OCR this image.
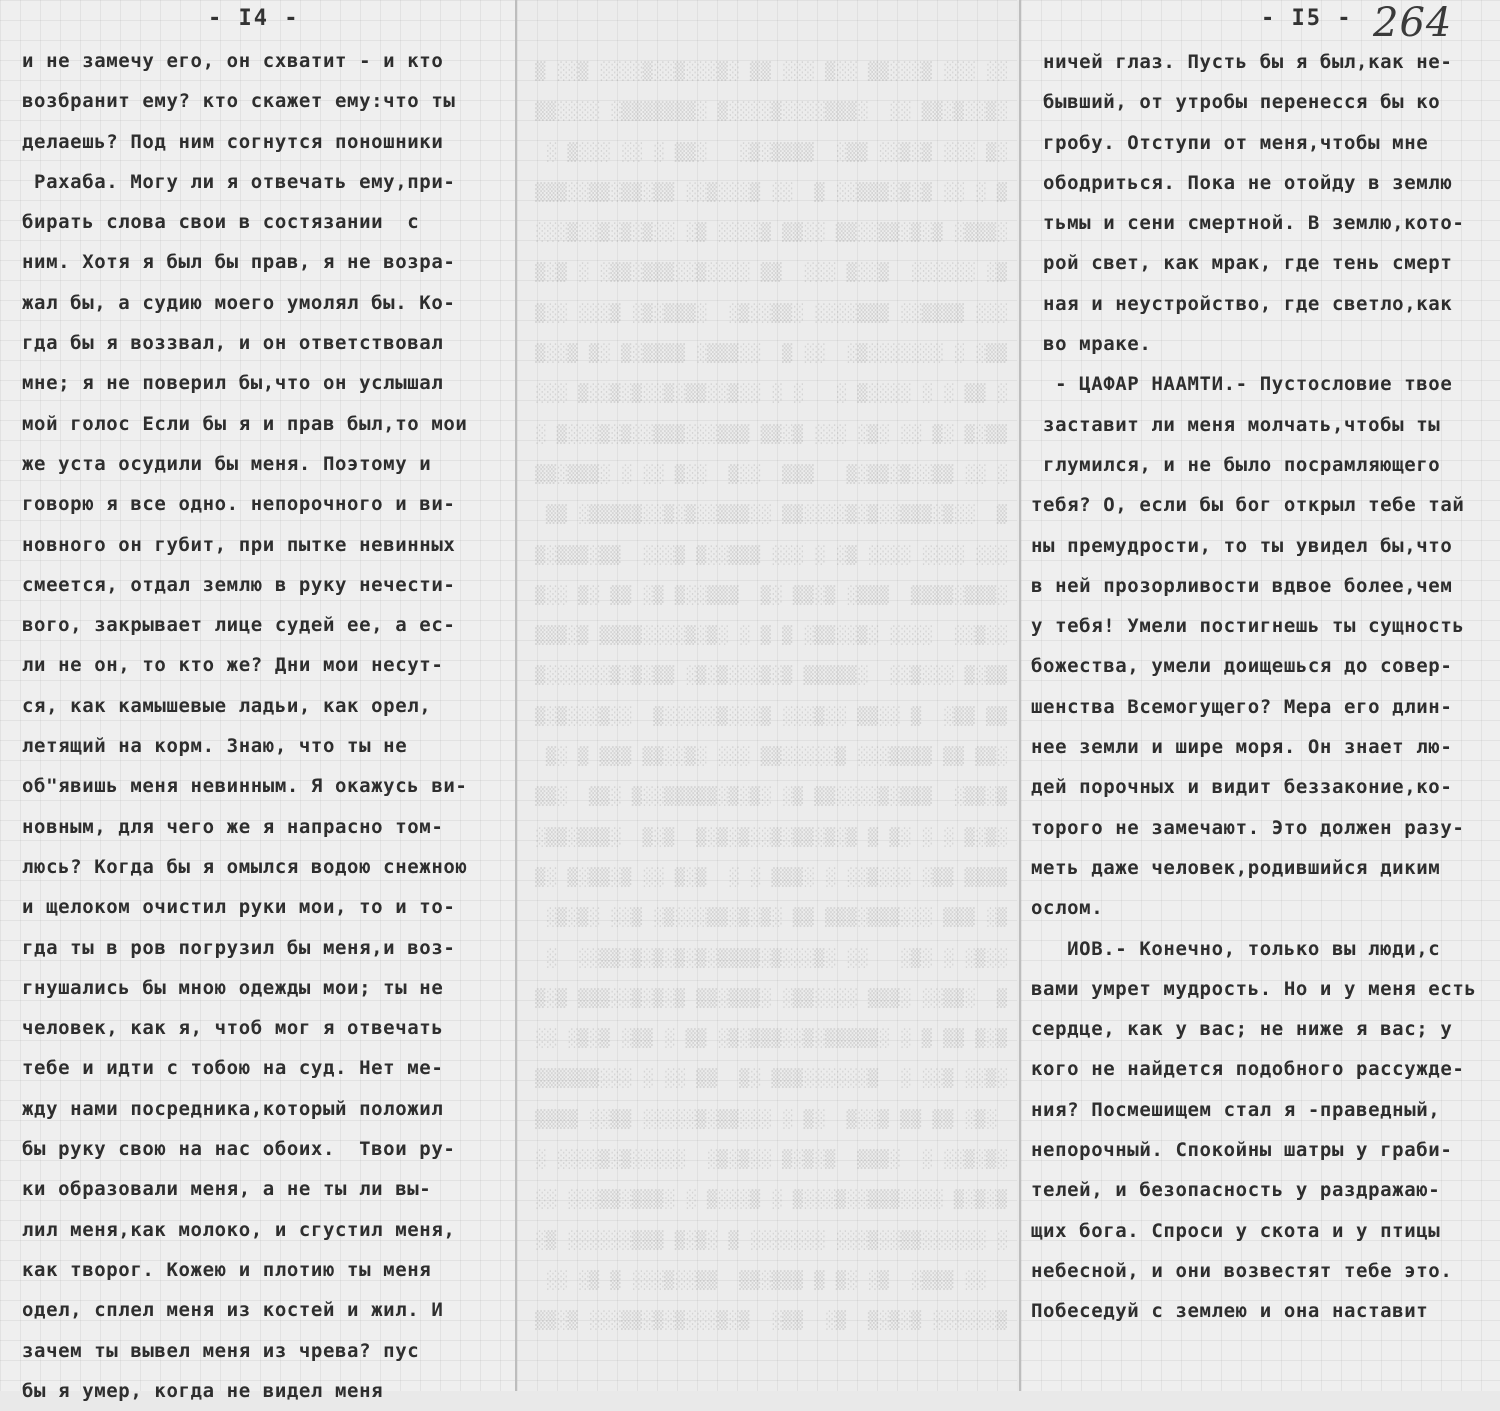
- I4 -
и не замечу его, он схватит - и кто
возбранит ему? кто скажет ему:что ты
делаешь? Под ним согнутся поношники
Рахаба. Могу ли я отвечать ему,при-
бирать слова свои в состязании  с
ним. Хотя я был бы прав, я не возра-
жал бы, а судию моего умолял бы. Ко-
гда бы я воззвал, и он ответствовал
мне; я не поверил бы,что он услышал
мой голос Если бы я и прав был,то мои
же уста осудили бы меня. Поэтому и
говорю я все одно. непорочного и ви-
новного он губит, при пытке невинных
смеется, отдал землю в руку нечести-
вого, закрывает лице судей ее, а ес-
ли не он, то кто же? Дни мои несут-
ся, как камышевые ладьи, как орел,
летящий на корм. Знаю, что ты не
об"явишь меня невинным. Я окажусь ви-
новным, для чего же я напрасно том-
люсь? Когда бы я омылся водою снежною
и щелоком очистил руки мои, то и то-
гда ты в ров погрузил бы меня,и воз-
гнушались бы мною одежды мои; ты не
человек, как я, чтоб мог я отвечать
тебе и идти с тобою на суд. Нет ме-
жду нами посредника,который положил
бы руку свою на нас обоих.  Твои ру-
ки образовали меня, а не ты ли вы-
лил меня,как молоко, и сгустил меня,
как творог. Кожею и плотию ты меня
одел, сплел меня из костей и жил. И
зачем ты вывел меня из чрева? пус
бы я умер, когда не видел меня
░░ ░░░ ▒░░░▒▒ ░░▒ ░░░ ▒▒ ░▒░░░▒░░▒░░░░ ▒░░ ▒
░▒░░▒░▒▒ ░░  ░▒▒▒░░░░▒░░░░▒ ░▒▒▒▒▒▒▒░ ░░░░▒▒
░▒ ░░░ ▒░▒░░ ▒▒░  ▒▒▒▒░▒░   ░▒▒ ░ ░░ ░░░▒ ░
▒ ░ ░░ ▒░▒░▒▒▒░░ ▒  ░░ ▒░░░▒░░ ▒▒░▒▒░▒▒░░▒▒▒
░▒▒▒░ ▒░▒░▒▒░░▒▒ ░░▒▒ ▒░░░░ ▒░ ░░▒░▒░▒░░▒░░░
▒░ ░░░░░░  ▒░░▒ ░░░  ▒▒ ░░░░▒░░▒▒▒░▒▒░ ░ ▒░▒
░░░ ▒▒▒▒░░ ▒▒▒░░░░ ░▒▒░░▒░  ░▒▒▒░▒░ ▒░░░ ░░▒
▒▒░ ░ ░░░░░░░▒░  ░░ ▒  ░░▒▒▒░ ▒▒▒▒░▒ ░▒ ▒░░▒
░ ▒▒ ░ ░ ░░░░▒ ░   ░ ░ ░░▒░░▒▒░▒░░▒░▒░░▒ ░░░
▒▒░▒ ░▒ ░░ ░▒░ ░░░ ▒░▒▒ ▒▒▒░░░▒▒▒░░▒░▒░░░▒ ░
░ ░░ ▒▒░░▒░▒▒░▒   ▒▒▒  ░░▒  ░░▒ ░░ ░ ░▒▒▒░▒▒
▒  ░░▒░▒▒▒░░▒░▒░░░░▒▒ ░░▒▒▒░░▒░▒░░▒▒▒▒▒░ ▒▒
░░░ ░░░░ ░░░░ ▒░ ░ ░░░ ▒▒▒░░▒ ▒░░░  ▒▒░▒▒▒░▒
░▒▒▒░▒▒▒▒  ▒▒▒░ ▒░▒▒ ░▒  ▒▒▒░░▒ ▒░ ▒▒ ░▒ ░░▒
░░▒░░  ░░░░ ░▒░░▒▒░ ▒ ▒ ░ ░▒░▒░░░░▒▒▒▒ ▒░▒▒▒
▒▒░▒ ░░░▒░░  ░▒▒▒▒▒ ▒░▒░░░▒░▒░ ▒▒░▒░▒░░░░░░▒
▒▒ ▒▒░  ▒ ░░▒▒ ░░▒░░░ ▒░░░▒░░░░░▒  ░░▒░░░▒░▒
░▒▒ ▒▒ ▒▒▒▒░░░ ▒░░░░░▒▒ ░░░ ░▒░░▒▒ ▒▒▒ ▒ ░▒
▒░▒▒░  ▒▒▒░▒░░░░▒▒ ▒░ ░▒░▒░▒▒▒▒▒░░▒ ░▒▒  ░▒▒
░▒░▒ ░ ░ ░▒ ▒ ▒░▒░▒▒░▒░░▒░▒░▒  ▒░▒  ░▒▒▒░▒▒░
▒▒▒▒ ▒▒░ ░░░▒░░ ░ ░▒▒▒ ░ ░  ▒░▒ ░░ ▒░▒▒░▒ ░▒
▒░ ▒▒▒ ░░░▒▒▒░▒▒▒ ▒▒ ░▒░▒░▒▒░░░▒░ ▒░░ ░▒░▒░
░░▒░ ░ ░▒░   ░░ ░▒░░░▒░▒▒▒▒░▒░▒░▒░▒░▒▒░░  ░
▒  ░▒▒░░ ░▒▒▒ ░░░░▒▒░ ░▒▒▒░▒▒ ▒░▒░▒░░▒▒▒ ▒░▒
▒░▒ ▒▒ ▒ ░ ░▒▒▒▒▒░▒░░▒▒▒░▒░ ▒▒ ░ ▒▒░ ▒░▒░ ░░
░▒░░ ▒░░ ░  ▒░░░░░░▒▒▒ ░▒  ▒▒ ░░ ░ ░░░▒▒▒▒▒▒
░▒░ ▒▒ ▒▒ ▒░░▒  ░▒ ░ ░░░▒▒░▒░░░░░ ▒▒░░ ▒▒▒▒
░▒░▒░░ ░  ░▒▒▒  ▒░▒░▒ ░░▒░▒░  ░░░░░▒░▒░░░░ ░
▒░▒░▒ ░░░░▒▒▒░░▒░░░▒ ░ ▒░░░▒ ░ ░▒▒▒░▒▒░░░ ░░
░ ░░░░░░▒▒░░▒░░░ ░░░░░░░ ▒ ░▒░▒ ▒▒▒░░░░░░ ▒░
░░ ▒▒▒░  ▒░ ░▒ ▒ ▒▒▒░▒▒  ▒▒░░▒░░░ ▒ ▒░ ░░
▒░░░░░░ ▒░▒░▒  ▒░  ▒▒░  ▒░▒░░░▒░▒░▒▒░░░ ▒░▒▒

- I5 - 264
ничей глаз. Пусть бы я был,как не-
бывший, от утробы перенесся бы ко
гробу. Отступи от меня,чтобы мне
ободриться. Пока не отойду в землю
тьмы и сени смертной. В землю,кото-
рой свет, как мрак, где тень смерт
ная и неустройство, где светло,как
во мраке.
- ЦАФАР НААМТИ.- Пустословие твое
заставит ли меня молчать,чтобы ты
глумился, и не было посрамляющего
тебя? О, если бы бог открыл тебе тай
ны премудрости, то ты увидел бы,что
в ней прозорливости вдвое более,чем
у тебя! Умели постигнешь ты сущность
божества, умели доищешься до совер-
шенства Всемогущего? Мера его длин-
нее земли и шире моря. Он знает лю-
дей порочных и видит беззаконие,ко-
торого не замечают. Это должен разу-
меть даже человек,родившийся диким
ослом.
ИОВ.- Конечно, только вы люди,с
вами умрет мудрость. Но и у меня есть
сердце, как у вас; не ниже я вас; у
кого не найдется подобного рассужде-
ния? Посмешищем стал я -праведный,
непорочный. Спокойны шатры у граби-
телей, и безопасность у раздражаю-
щих бога. Спроси у скота и у птицы
небесной, и они возвестят тебе это.
Побеседуй с землею и она наставит
